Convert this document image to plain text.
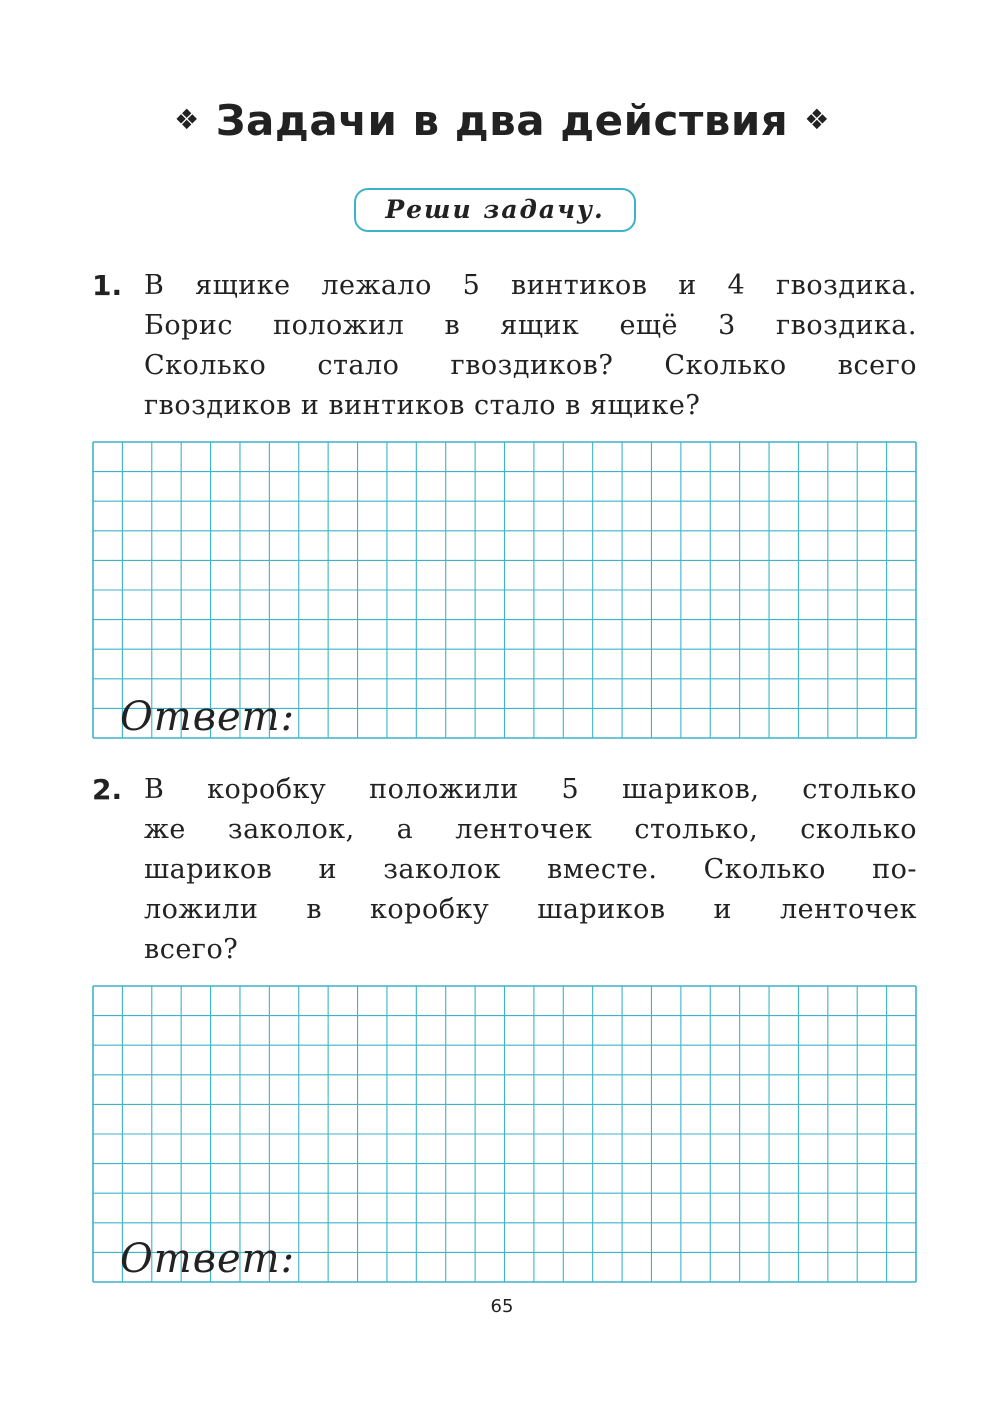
❖ Задачи в два действия ❖
Реши задачу.
1. В ящике лежало 5 винтиков и 4 гвоздика.
Борис положил в ящик ещё 3 гвоздика.
Сколько стало гвоздиков? Сколько всего
гвоздиков и винтиков стало в ящике?
Ответ:
2. В коробку положили 5 шариков, столько
же заколок, а ленточек столько, сколько
шариков и заколок вместе. Сколько по-
ложили в коробку шариков и ленточек
всего?
Ответ:
65
